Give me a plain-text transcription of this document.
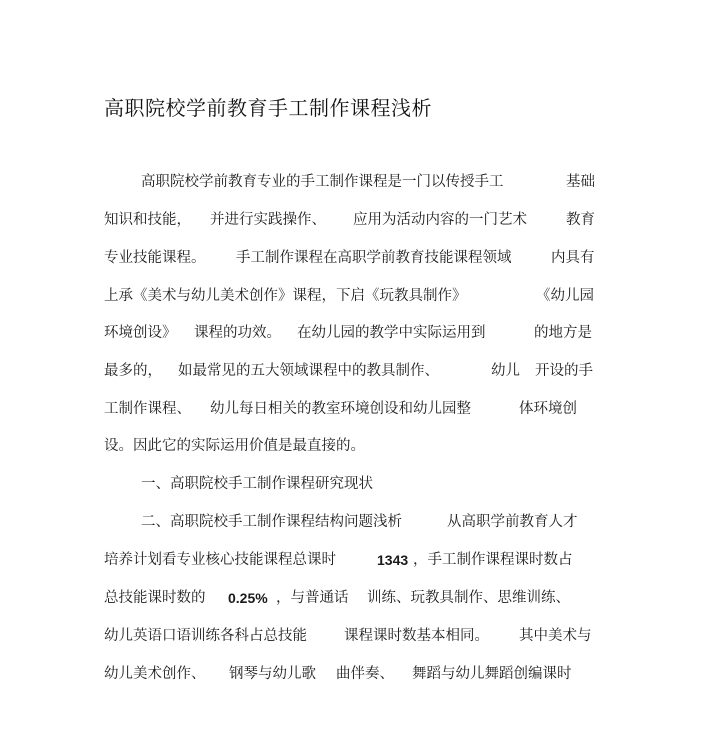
高职院校学前教育手工制作课程浅析
高职院校学前教育专业的手工制作课程是一门以传授手工	基础
知识和技能， 并进行实践操作、 应用为活动内容的一门艺术	教育
专业技能课程。 手工制作课程在高职学前教育技能课程领域	内具有
上承《美术与幼儿美术创作》课程，下启《玩教具制作》	《幼儿园
环境创设》 课程的功效。 在幼儿园的教学中实际运用到	的地方是
最多的， 如最常见的五大领域课程中的教具制作、	幼儿 开设的手
工制作课程、 幼儿每日相关的教室环境创设和幼儿园整	体环境创
设。因此它的实际运用价值是最直接的。
一、高职院校手工制作课程研究现状
二、高职院校手工制作课程结构问题浅析	从高职学前教育人才
培养计划看专业核心技能课程总课时	1343 ，手工制作课程课时数占
总技能课时数的 0.25% ，与普通话 训练、玩教具制作、思维训练、
幼儿英语口语训练各科占总技能	课程课时数基本相同。 其中美术与
幼儿美术创作、 钢琴与幼儿歌 曲伴奏、 舞蹈与幼儿舞蹈创编课时
